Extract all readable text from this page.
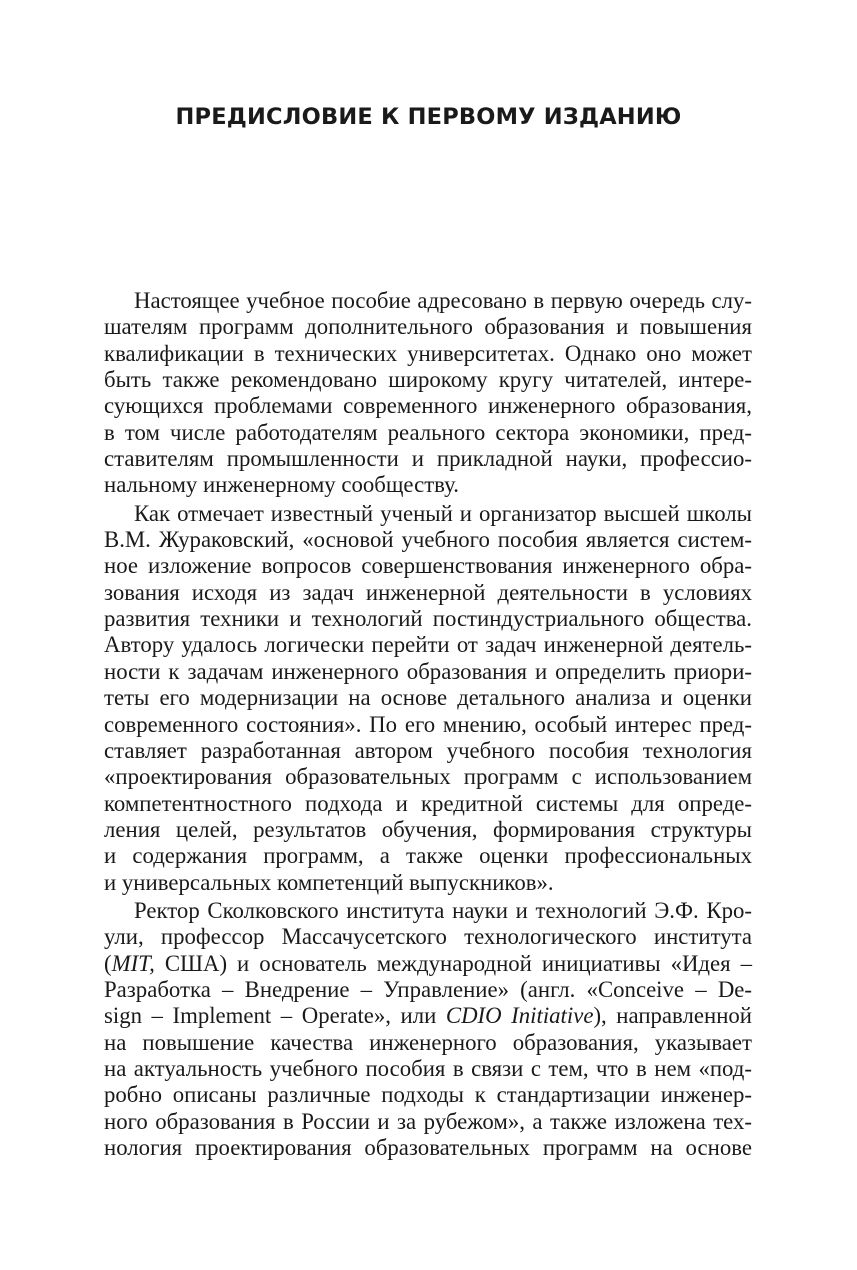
ПРЕДИСЛОВИЕ К ПЕРВОМУ ИЗДАНИЮ
Настоящее учебное пособие адресовано в первую очередь слу-
шателям программ дополнительного образования и повышения
квалификации в технических университетах. Однако оно может
быть также рекомендовано широкому кругу читателей, интере-
сующихся проблемами современного инженерного образования,
в том числе работодателям реального сектора экономики, пред-
ставителям промышленности и прикладной науки, профессио-
нальному инженерному сообществу.
Как отмечает известный ученый и организатор высшей школы
В.М. Жураковский, «основой учебного пособия является систем-
ное изложение вопросов совершенствования инженерного обра-
зования исходя из задач инженерной деятельности в условиях
развития техники и технологий постиндустриального общества.
Автору удалось логически перейти от задач инженерной деятель-
ности к задачам инженерного образования и определить приори-
теты его модернизации на основе детального анализа и оценки
современного состояния». По его мнению, особый интерес пред-
ставляет разработанная автором учебного пособия технология
«проектирования образовательных программ с использованием
компетентностного подхода и кредитной системы для опреде-
ления целей, результатов обучения, формирования структуры
и содержания программ, а также оценки профессиональных
и универсальных компетенций выпускников».
Ректор Сколковского института науки и технологий Э.Ф. Кро-
ули, профессор Массачусетского технологического института
(MIT, США) и основатель международной инициативы «Идея –
Разработка – Внедрение – Управление» (англ. «Conceive – De-
sign – Implement – Operate», или CDIO Initiative), направленной
на повышение качества инженерного образования, указывает
на актуальность учебного пособия в связи с тем, что в нем «под-
робно описаны различные подходы к стандартизации инженер-
ного образования в России и за рубежом», а также изложена тех-
нология проектирования образовательных программ на основе
